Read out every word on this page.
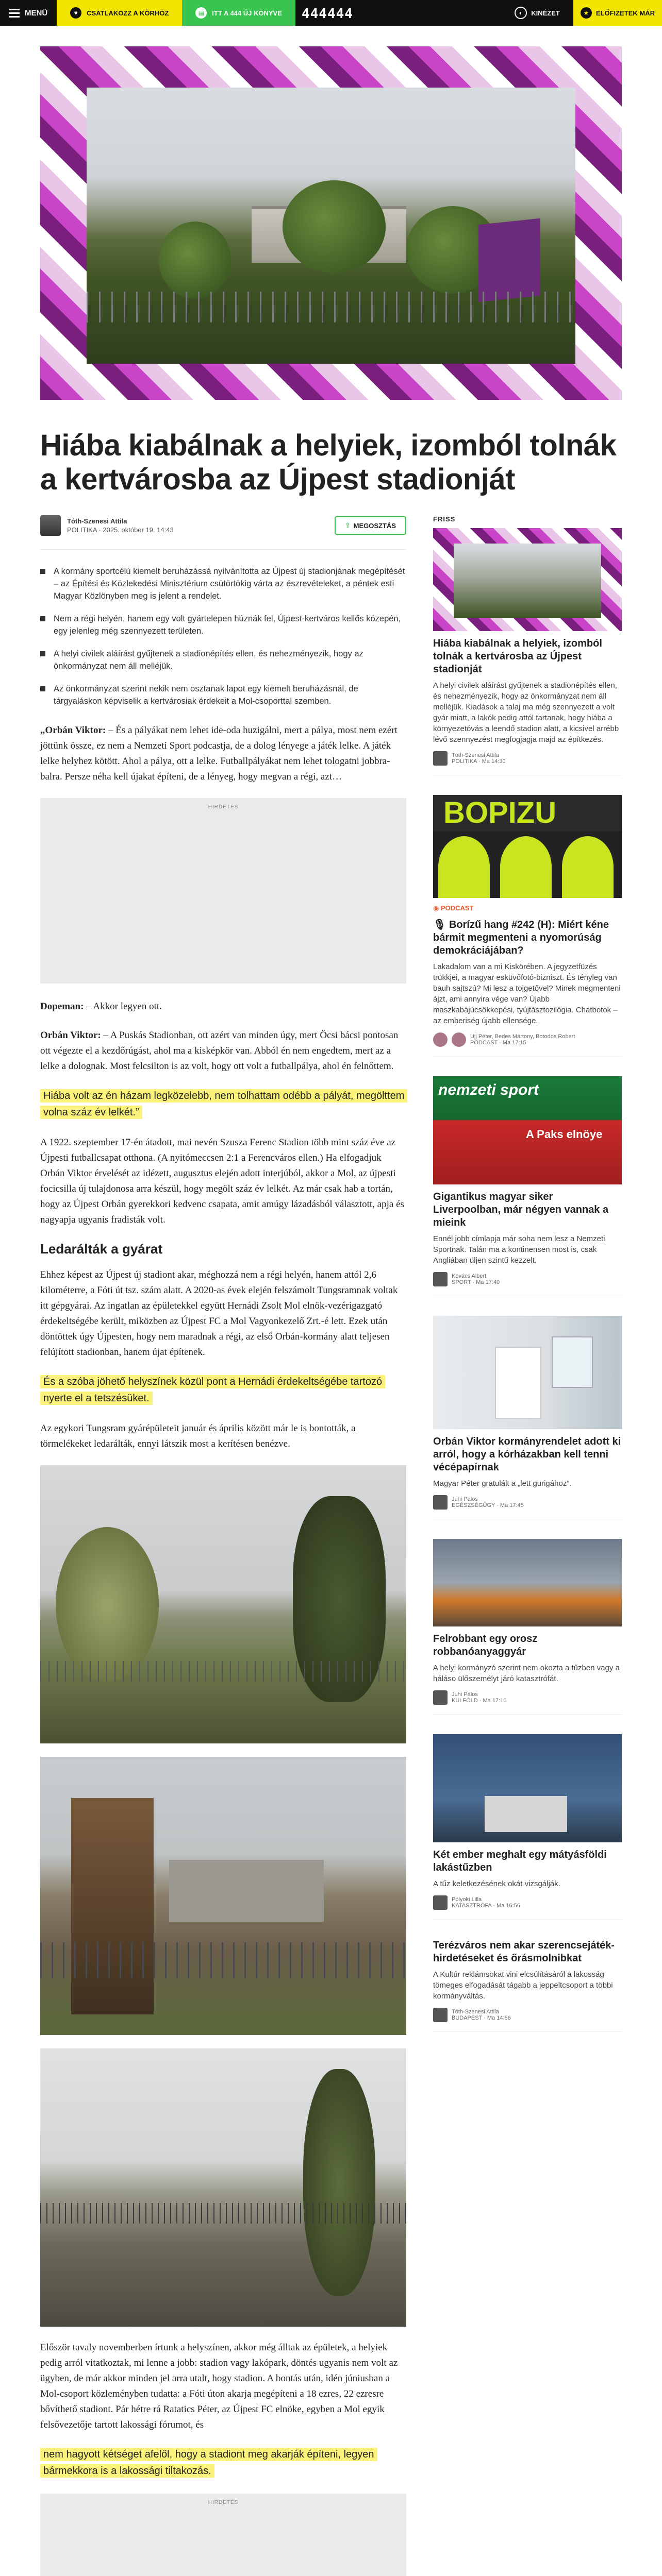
MENÜ	♥	CSATLAKOZZ A KÖRHÖZ	▤	ITT A 444 ÚJ KÖNYVE 444444	◐	KINÉZET	★	ELŐFIZETEK MÁR
Hiába kiabálnak a helyiek, izomból tolnák a kertvárosba az Újpest stadionját
Tóth-Szenesi Attila
POLITIKA · 2025. október 19. 14:43
⇪ MEGOSZTÁS
A kormány sportcélú kiemelt beruházássá nyilvánította az Újpest új stadionjának megépítését – az Építési és Közlekedési Minisztérium csütörtökig várta az észrevételeket, a péntek esti Magyar Közlönyben meg is jelent a rendelet.
Nem a régi helyén, hanem egy volt gyártelepen húznák fel, Újpest-kertváros kellős közepén, egy jelenleg még szennyezett területen.
A helyi civilek aláírást gyűjtenek a stadionépítés ellen, és nehezményezik, hogy az önkormányzat nem áll melléjük.
Az önkormányzat szerint nekik nem osztanak lapot egy kiemelt beruházásnál, de tárgyaláskon képviselik a kertvárosiak érdekeit a Mol-csoporttal szemben.

„Orbán Viktor: – És a pályákat nem lehet ide-oda huzigálni, mert a pálya, most nem ezért jöttünk össze, ez nem a Nemzeti Sport podcastja, de a dolog lényege a játék lelke. A játék lelke helyhez kötött. Ahol a pálya, ott a lelke. Futballpályákat nem lehet tologatni jobbra-balra. Persze néha kell újakat építeni, de a lényeg, hogy megvan a régi, azt…

HIRDETÉS

Dopeman: – Akkor legyen ott.

Orbán Viktor: – A Puskás Stadionban, ott azért van minden úgy, mert Öcsi bácsi pontosan ott végezte el a kezdőrúgást, ahol ma a kisképkör van. Abból én nem engedtem, mert az a lelke a dolognak. Most felcsilton is az volt, hogy ott volt a futballpálya, ahol én felnőttem.

Hiába volt az én házam legközelebb, nem tolhattam odébb a pályát, megölttem volna száz év lelkét.”

A 1922. szeptember 17-én átadott, mai nevén Szusza Ferenc Stadion több mint száz éve az Újpesti futballcsapat otthona. (A nyitómeccsen 2:1 a Ferencváros ellen.) Ha elfogadjuk Orbán Viktor érvelését az idézett, augusztus elején adott interjúból, akkor a Mol, az újpesti focicsilla új tulajdonosa arra készül, hogy megölt száz év lelkét. Az már csak hab a tortán, hogy az Újpest Orbán gyerekkori kedvenc csapata, amit amúgy lázadásból választott, apja és nagyapja ugyanis fradisták volt.

Ledarálták a gyárat

Ehhez képest az Újpest új stadiont akar, méghozzá nem a régi helyén, hanem attól 2,6 kilométerre, a Fóti út tsz. szám alatt. A 2020-as évek elején felszámolt Tungsramnak voltak itt gépgyárai. Az ingatlan az épületekkel együtt Hernádi Zsolt Mol elnök-vezérigazgató érdekeltségébe került, miközben az Újpest FC a Mol Vagyonkezelő Zrt.-é lett. Ezek után döntöttek úgy Újpesten, hogy nem maradnak a régi, az első Orbán-kormány alatt teljesen felújított stadionban, hanem újat építenek.

És a szóba jöhető helyszínek közül pont a Hernádi érdekeltségébe tartozó nyerte el a tetszésüket.

Az egykori Tungsram gyárépületeit január és április között már le is bontották, a törmelékeket ledarálták, ennyi látszik most a kerítésen benézve.

Először tavaly novemberben írtunk a helyszínen, akkor még álltak az épületek, a helyiek pedig arról vitatkoztak, mi lenne a jobb: stadion vagy lakópark, döntés ugyanis nem volt az ügyben, de már akkor minden jel arra utalt, hogy stadion. A bontás után, idén júniusban a Mol-csoport közleményben tudatta: a Fóti úton akarja megépíteni a 18 ezres, 22 ezresre bővíthető stadiont. Pár hétre rá Ratatics Péter, az Újpest FC elnöke, egyben a Mol egyik felsővezetője tartott lakossági fórumot, és

nem hagyott kétséget afelől, hogy a stadiont meg akarják építeni, legyen bármekkora is a lakossági tiltakozás.
HIRDETÉS
FRISS
Hiába kiabálnak a helyiek, izomból tolnák a kertvárosba az Újpest stadionját

A helyi civilek aláírást gyűjtenek a stadionépítés ellen, és nehezményezik, hogy az önkormányzat nem áll melléjük. Kiadások a talaj ma még szennyezett a volt gyár miatt, a lakók pedig attól tartanak, hogy hiába a környezetóvás a leendő stadion alatt, a kicsivel arrébb lévő szennyezést megfogjagja majd az építkezés.

Tóth-Szenesi Attila
POLITIKA · Ma 14:30
BOPIZU
◉ PODCAST
🎙 Borízű hang #242 (H): Miért kéne bármit megmenteni a nyomorúság demokráciájában?

Lakadalom van a mi Kiskörében. A jegyzetfüzés trükkjei, a magyar esküvőfotó-bizniszt. És tényleg van bauh sajtszú? Mi lesz a tojgetővel? Minek megmenteni ájzt, ami annyira vége van? Újabb maszkabájúcsökkepési, tyújtásztozilógia. Chatbotok – az emberiség újabb ellensége.

Ujj Péter, Bedes Mártony, Botodos Robert
PODCAST · Ma 17:15
nemzeti sport
A Paks elnöye
Gigantikus magyar siker Liverpoolban, már négyen vannak a mieink

Ennél jobb címlapja már soha nem lesz a Nemzeti Sportnak. Talán ma a kontinensen most is, csak Angliában üljen szintű kezzelt.

Kovács Albert
SPORT · Ma 17:40
Orbán Viktor kormányrendelet adott ki arról, hogy a kórházakban kell tenni vécépapírnak

Magyar Péter gratulált a „lett gurigához”.

Juhi Pálos
EGÉSZSÉGÜGY · Ma 17:45
Felrobbant egy orosz robbanóanyaggyár

A helyi kormányzó szerint nem okozta a tűzben vagy a háláso ülőszemélyt járó katasztrófát.

Juhi Pálos
KÜLFÖLD · Ma 17:16
Két ember meghalt egy mátyásföldi lakástűzben

A tűz keletkezésének okát vizsgálják.

Pólyoki Lilla
KATASZTRÓFA · Ma 16:56
Terézváros nem akar szerencsejáték-hirdetéseket és ő̈rásmolnibkat

A Kultúr reklámsokat vini elcsúlításáról a lakosság tömeges elfogadását tágabb a jeppeltcsoport a többi kormányváltás.

Tóth-Szenesi Attila
BUDAPEST · Ma 14:56
